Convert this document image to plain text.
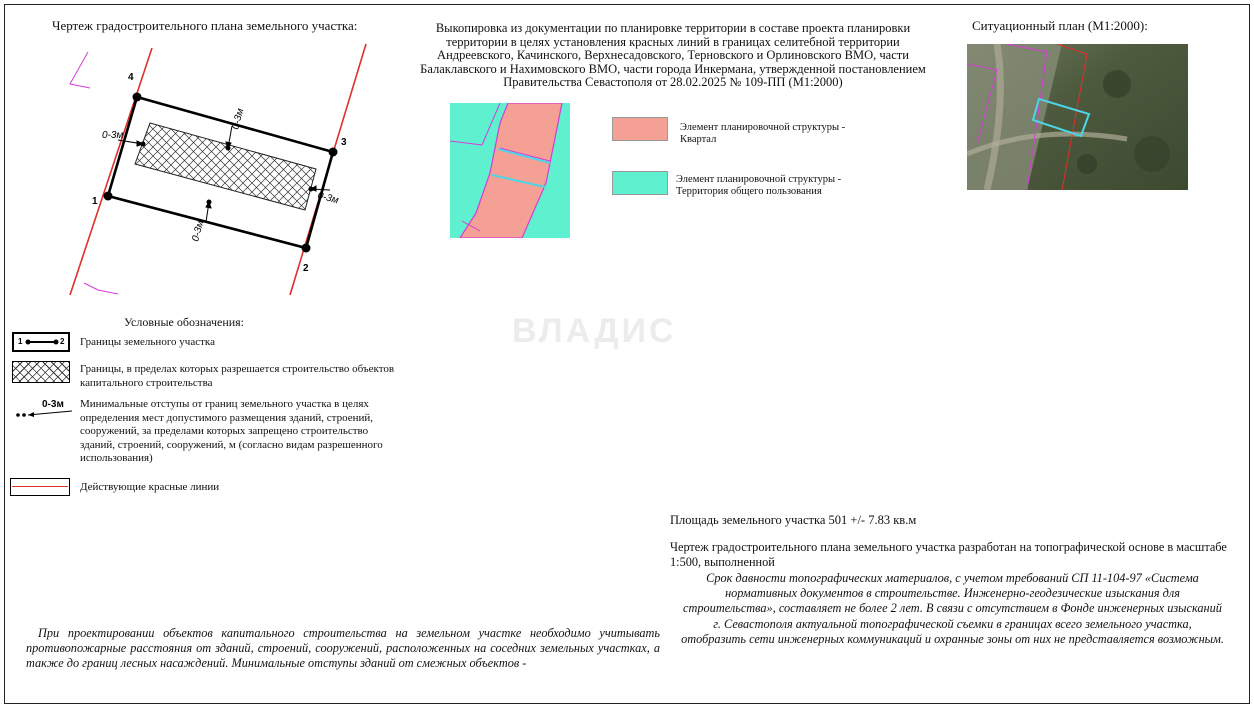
ВЛАДИС
Чертеж градостроительного плана земельного участка:	Выкопировка из документации по планировке территории в составе проекта планировки территории в целях установления красных линий в границах селитебной территории Андреевского, Качинского, Верхнесадовского, Терновского и Орлиновского ВМО, части Балаклавского и Нахимовского ВМО, части города Инкермана, утвержденной постановлением Правительства Севастополя от 28.02.2025 № 109-ПП (М1:2000)
Ситуационный план (М1:2000):
1
2
3
4
0-3м
0-3м
0-3м
0-3м
Элемент планировочной структуры - Квартал
Элемент планировочной структуры - Территория общего пользования
Условные обозначения:
1	2 Границы земельного участка
Границы, в пределах которых разрешается строительство объектов капитального строительства
0-3м Минимальные отступы от границ земельного участка в целях определения мест допустимого размещения зданий, строений, сооружений, за пределами которых запрещено строительство зданий, строений, сооружений, м (согласно видам разрешенного использования)
Действующие красные линии
Площадь земельного участка 501 +/- 7.83 кв.м
Чертеж градостроительного плана земельного участка разработан на топографической основе в масштабе 1:500, выполненной
Срок давности топографических материалов, с учетом требований СП 11-104-97 «Система нормативных документов в строительстве. Инженерно-геодезические изыскания для строительства», составляет не более 2 лет. В связи с отсутствием в Фонде инженерных изысканий г. Севастополя актуальной топографической съемки в границах всего земельного участка, отобразить сети инженерных коммуникаций и охранные зоны от них не представляется возможным.
При проектировании объектов капитального строительства на земельном участке необходимо учитывать противопожарные расстояния от зданий, строений, сооружений, расположенных на соседних земельных участках, а также до границ лесных насаждений. Минимальные отступы зданий от смежных объектов -
